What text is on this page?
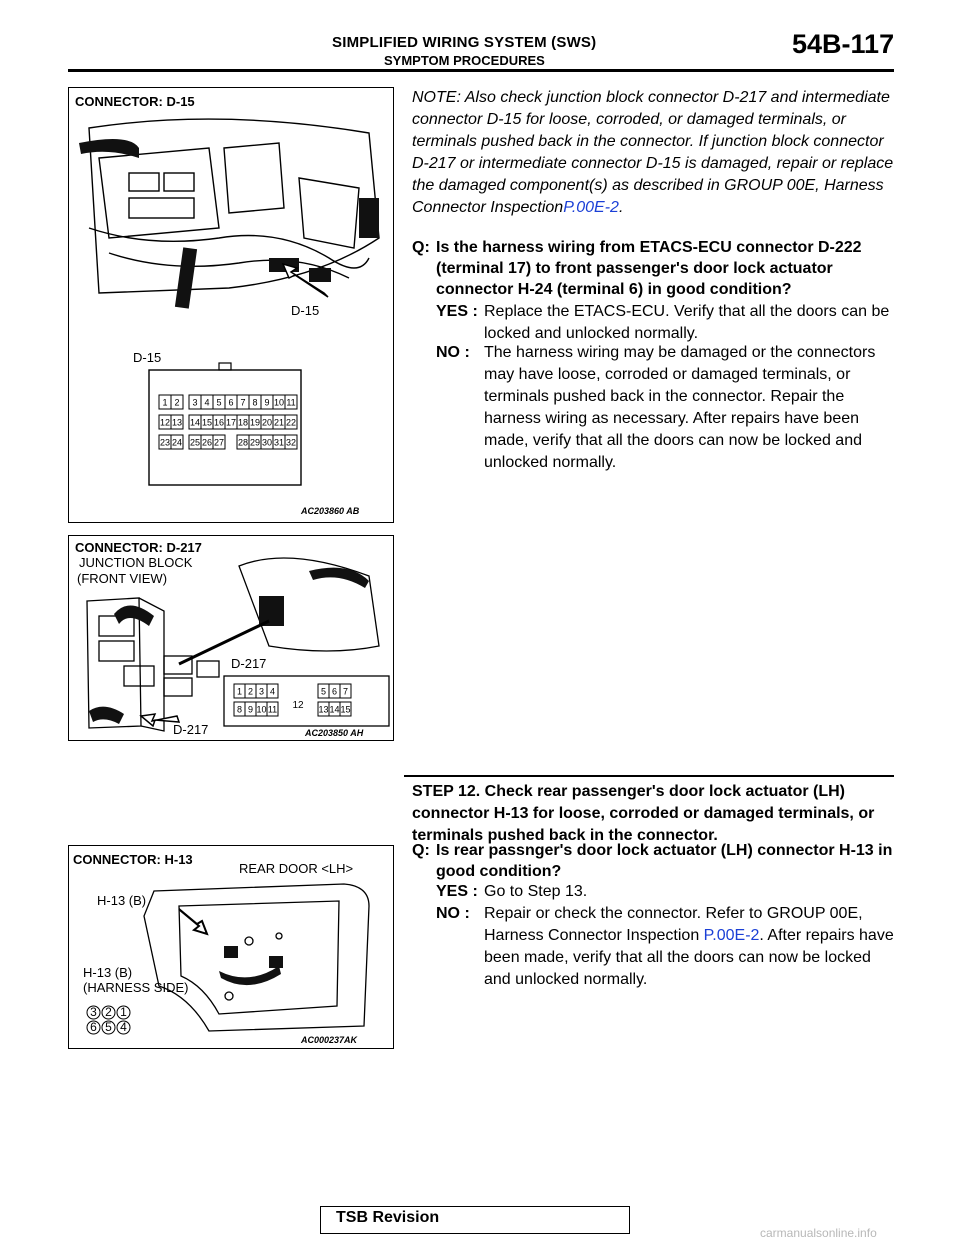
SIMPLIFIED WIRING SYSTEM (SWS)
SYMPTOM PROCEDURES
54B-117
1 2 3 4 5 6 7 8 9 10 11
12 13 14 15 16 17 18 19 20 21 22
23 24 25 26 27 28 29 30 31 32
CONNECTOR: D-15
D-15
D-15
AC203860 AB
1 2 3 4	5 6 7
8 9 10 11	13 14 15
12
CONNECTOR: D-217
JUNCTION BLOCK
(FRONT VIEW)
D-217
D-217	AC203850 AH
3 2 1
6 5 4
CONNECTOR: H-13
REAR DOOR <LH>
H-13 (B)
H-13 (B)
(HARNESS SIDE)
AC000237AK
NOTE: Also check junction block connector D-217 and intermediate connector D-15 for loose, corroded, or damaged terminals, or terminals pushed back in the connector. If junction block connector D-217 or intermediate connector D-15 is damaged, repair or replace the damaged component(s) as described in GROUP 00E, Harness Connector InspectionP.00E-2.
Q: Is the harness wiring from ETACS-ECU connector D-222 (terminal 17) to front passenger's door lock actuator connector H-24 (terminal 6) in good condition?
YES : Replace the ETACS-ECU. Verify that all the doors can be locked and unlocked normally.
NO : The harness wiring may be damaged or the connectors may have loose, corroded or damaged terminals, or terminals pushed back in the connector. Repair the harness wiring as necessary. After repairs have been made, verify that all the doors can now be locked and unlocked normally.
STEP 12. Check rear passenger's door lock actuator (LH) connector H-13 for loose, corroded or damaged terminals, or terminals pushed back in the connector.
Q: Is rear passnger's door lock actuator (LH) connector H-13 in good condition?
YES : Go to Step 13.
NO : Repair or check the connector. Refer to GROUP 00E, Harness Connector Inspection P.00E-2. After repairs have been made, verify that all the doors can now be locked and unlocked normally.
TSB Revision
carmanualsonline.info
